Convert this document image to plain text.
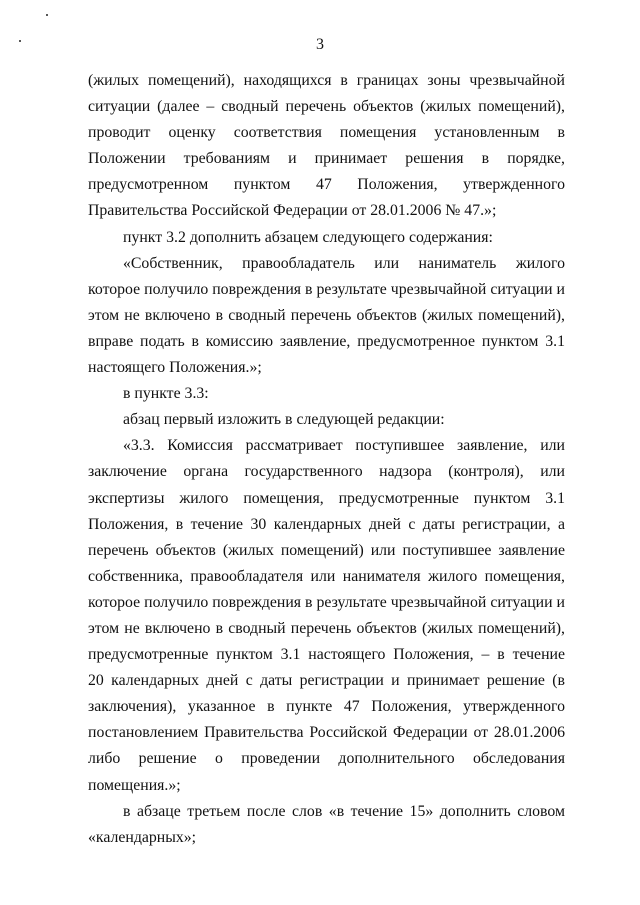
3
(жилых помещений), находящихся в границах зоны чрезвычайной
ситуации (далее – сводный перечень объектов (жилых помещений),
проводит оценку соответствия помещения установленным в
Положении требованиям и принимает решения в порядке,
предусмотренном пунктом 47 Положения, утвержденного
Правительства Российской Федерации от 28.01.2006 № 47.»;
пункт 3.2 дополнить абзацем следующего содержания:
«Собственник, правообладатель или наниматель жилого
которое получило повреждения в результате чрезвычайной ситуации и
этом не включено в сводный перечень объектов (жилых помещений),
вправе подать в комиссию заявление, предусмотренное пунктом 3.1
настоящего Положения.»;
в пункте 3.3:
абзац первый изложить в следующей редакции:
«3.3. Комиссия рассматривает поступившее заявление, или
заключение органа государственного надзора (контроля), или
экспертизы жилого помещения, предусмотренные пунктом 3.1
Положения, в течение 30 календарных дней с даты регистрации, а
перечень объектов (жилых помещений) или поступившее заявление
собственника, правообладателя или нанимателя жилого помещения,
которое получило повреждения в результате чрезвычайной ситуации и
этом не включено в сводный перечень объектов (жилых помещений),
предусмотренные пунктом 3.1 настоящего Положения, – в течение
20 календарных дней с даты регистрации и принимает решение (в
заключения), указанное в пункте 47 Положения, утвержденного
постановлением Правительства Российской Федерации от 28.01.2006
либо решение о проведении дополнительного обследования
помещения.»;
в абзаце третьем после слов «в течение 15» дополнить словом
«календарных»;
